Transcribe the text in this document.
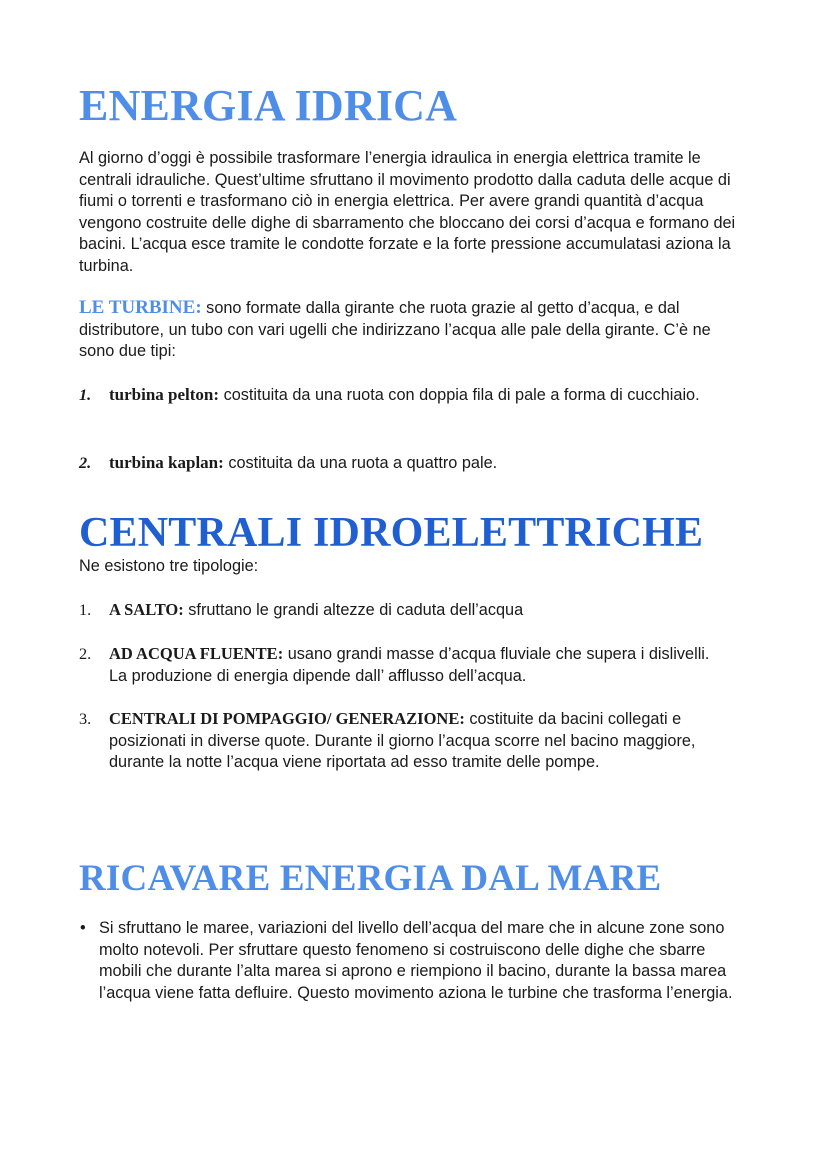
ENERGIA IDRICA

Al giorno d’oggi è possibile trasformare l’energia idraulica in energia elettrica tramite le centrali idrauliche. Quest’ultime sfruttano il movimento prodotto dalla caduta delle acque di fiumi o torrenti e trasformano ciò in energia elettrica. Per avere grandi quantità d’acqua vengono costruite delle dighe di sbarramento che bloccano dei corsi d’acqua e formano dei bacini. L’acqua esce tramite le condotte forzate e la forte pressione accumulatasi aziona la turbina.

LE TURBINE: sono formate dalla girante che ruota grazie al getto d’acqua, e dal distributore, un tubo con vari ugelli che indirizzano l’acqua alle pale della girante. C’è ne sono due tipi:

1. turbina pelton: costituita da una ruota con doppia fila di pale a forma di cucchiaio.
2. turbina kaplan: costituita da una ruota a quattro pale.
CENTRALI IDROELETTRICHE

Ne esistono tre tipologie:

1. A SALTO: sfruttano le grandi altezze di caduta dell’acqua
2. AD ACQUA FLUENTE: usano grandi masse d’acqua fluviale che supera i dislivelli. La produzione di energia dipende dall’ afflusso dell’acqua.
3. CENTRALI DI POMPAGGIO/ GENERAZIONE: costituite da bacini collegati e posizionati in diverse quote. Durante il giorno l’acqua scorre nel bacino maggiore, durante la notte l’acqua viene riportata ad esso tramite delle pompe.
RICAVARE ENERGIA DAL MARE
• Si sfruttano le maree, variazioni del livello dell’acqua del mare che in alcune zone sono molto notevoli. Per sfruttare questo fenomeno si costruiscono delle dighe che sbarre mobili che durante l’alta marea si aprono e riempiono il bacino, durante la bassa marea l’acqua viene fatta defluire. Questo movimento aziona le turbine che trasforma l’energia.
